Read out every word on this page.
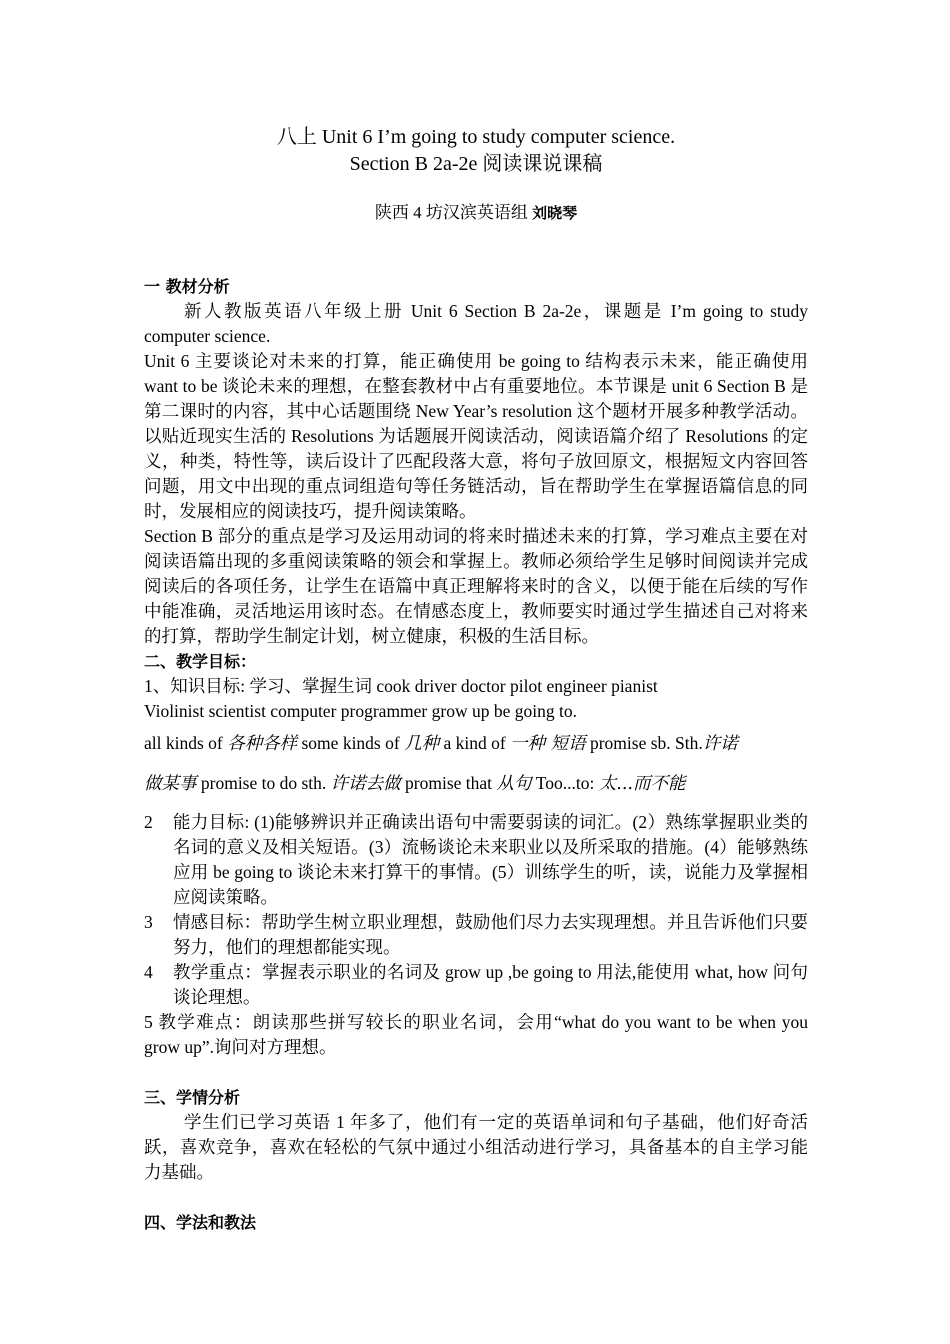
八上 Unit 6 I’m going to study computer science.
Section B 2a-2e 阅读课说课稿
陕西 4 坊汉滨英语组 刘晓琴
一 教材分析

新人教版英语八年级上册 Unit 6 Section B 2a-2e，课题是 I’m going to study computer science.

Unit 6 主要谈论对未来的打算，能正确使用 be going to 结构表示未来，能正确使用 want to be 谈论未来的理想，在整套教材中占有重要地位。本节课是 unit 6 Section B 是第二课时的内容，其中心话题围绕 New Year’s resolution 这个题材开展多种教学活动。以贴近现实生活的 Resolutions 为话题展开阅读活动，阅读语篇介绍了 Resolutions 的定义，种类，特性等，读后设计了匹配段落大意，将句子放回原文，根据短文内容回答问题，用文中出现的重点词组造句等任务链活动，旨在帮助学生在掌握语篇信息的同时，发展相应的阅读技巧，提升阅读策略。

Section B 部分的重点是学习及运用动词的将来时描述未来的打算，学习难点主要在对阅读语篇出现的多重阅读策略的领会和掌握上。教师必须给学生足够时间阅读并完成阅读后的各项任务，让学生在语篇中真正理解将来时的含义，以便于能在后续的写作中能准确，灵活地运用该时态。在情感态度上，教师要实时通过学生描述自己对将来的打算，帮助学生制定计划，树立健康，积极的生活目标。

二、教学目标：
1、知识目标: 学习、掌握生词 cook driver doctor pilot engineer pianist
Violinist scientist computer programmer grow up be going to.
all kinds of 各种各样 some kinds of 几种 a kind of 一种 短语 promise sb. Sth.许诺
做某事 promise to do sth. 许诺去做 promise that 从句 Too...to: 太...而不能
2 能力目标: (1)能够辨识并正确读出语句中需要弱读的词汇。(2）熟练掌握职业类的名词的意义及相关短语。(3）流畅谈论未来职业以及所采取的措施。(4）能够熟练应用 be going to 谈论未来打算干的事情。(5）训练学生的听，读，说能力及掌握相应阅读策略。
3 情感目标：帮助学生树立职业理想，鼓励他们尽力去实现理想。并且告诉他们只要努力，他们的理想都能实现。
4 教学重点：掌握表示职业的名词及 grow up ,be going to 用法,能使用 what, how 问句谈论理想。

5 教学难点：朗读那些拼写较长的职业名词，会用“what do you want to be when you grow up”.询问对方理想。

三、学情分析

学生们已学习英语 1 年多了，他们有一定的英语单词和句子基础，他们好奇活跃，喜欢竞争，喜欢在轻松的气氛中通过小组活动进行学习，具备基本的自主学习能力基础。

四、学法和教法
